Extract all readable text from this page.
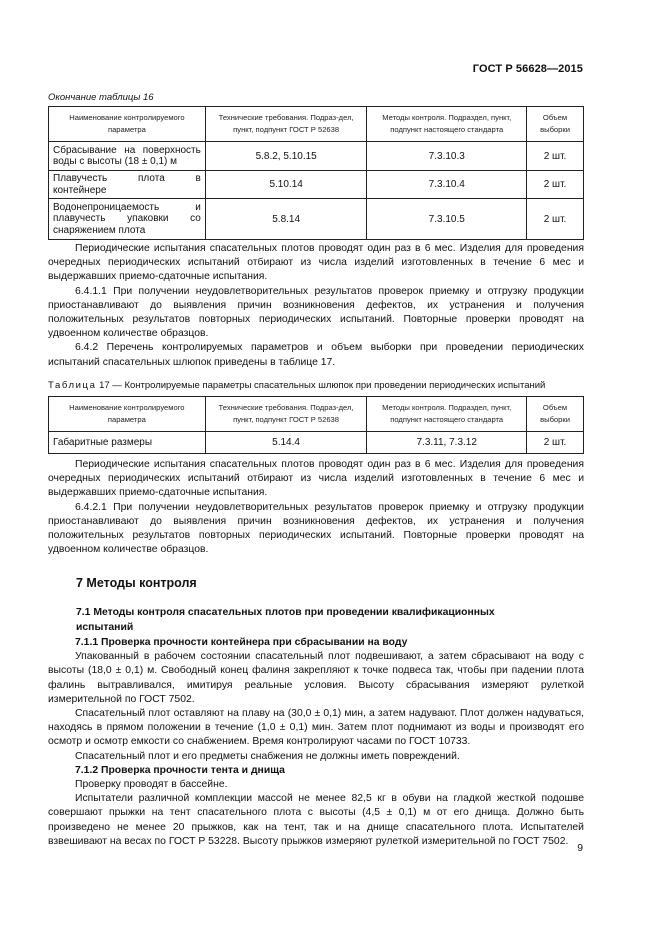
ГОСТ Р 56628—2015
Окончание таблицы 16
Наименование контролируемого параметра	Технические требования. Подраз-дел, пункт, подпункт ГОСТ Р 52638	Методы контроля. Подраздел, пункт, подпункт настоящего стандарта	Объем выборки
Сбрасывание на поверхность воды с высоты (18 ± 0,1) м	5.8.2, 5.10.15	7.3.10.3	2 шт.
Плавучесть плота в контейнере	5.10.14	7.3.10.4	2 шт.
Водонепроницаемость и плавучесть упаковки со снаряжением плота	5.8.14	7.3.10.5	2 шт.

Периодические испытания спасательных плотов проводят один раз в 6 мес. Изделия для проведения очередных периодических испытаний отбирают из числа изделий изготовленных в течение 6 мес и выдержавших приемо-сдаточные испытания.

6.4.1.1 При получении неудовлетворительных результатов проверок приемку и отгрузку продукции приостанавливают до выявления причин возникновения дефектов, их устранения и получения положительных результатов повторных периодических испытаний. Повторные проверки проводят на удвоенном количестве образцов.

6.4.2 Перечень контролируемых параметров и объем выборки при проведении периодических испытаний спасательных шлюпок приведены в таблице 17.

Таблица 17 — Контролируемые параметры спасательных шлюпок при проведении периодических испытаний
Наименование контролируемого параметра	Технические требования. Подраз-дел, пункт, подпункт ГОСТ Р 52638	Методы контроля. Подраздел, пункт, подпункт настоящего стандарта	Объем выборки
Габаритные размеры	5.14.4	7.3.11, 7.3.12	2 шт.

Периодические испытания спасательных плотов проводят один раз в 6 мес. Изделия для проведения очередных периодических испытаний отбирают из числа изделий изготовленных в течение 6 мес и выдержавших приемо-сдаточные испытания.

6.4.2.1 При получении неудовлетворительных результатов проверок приемку и отгрузку продукции приостанавливают до выявления причин возникновения дефектов, их устранения и получения положительных результатов повторных периодических испытаний. Повторные проверки проводят на удвоенном количестве образцов.

7 Методы контроля
7.1 Методы контроля спасательных плотов при проведении квалификационных испытаний

7.1.1 Проверка прочности контейнера при сбрасывании на воду

Упакованный в рабочем состоянии спасательный плот подвешивают, а затем сбрасывают на воду с высоты (18,0 ± 0,1) м. Свободный конец фалиня закрепляют к точке подвеса так, чтобы при падении плота фалинь вытравливался, имитируя реальные условия. Высоту сбрасывания измеряют рулеткой измерительной по ГОСТ 7502.

Спасательный плот оставляют на плаву на (30,0 ± 0,1) мин, а затем надувают. Плот должен надуваться, находясь в прямом положении в течение (1,0 ± 0,1) мин. Затем плот поднимают из воды и производят его осмотр и осмотр емкости со снабжением. Время контролируют часами по ГОСТ 10733.

Спасательный плот и его предметы снабжения не должны иметь повреждений.

7.1.2 Проверка прочности тента и днища

Проверку проводят в бассейне.

Испытатели различной комплекции массой не менее 82,5 кг в обуви на гладкой жесткой подошве совершают прыжки на тент спасательного плота с высоты (4,5 ± 0,1) м от его днища. Должно быть произведено не менее 20 прыжков, как на тент, так и на днище спасательного плота. Испытателей взвешивают на весах по ГОСТ Р 53228. Высоту прыжков измеряют рулеткой измерительной по ГОСТ 7502.

9
